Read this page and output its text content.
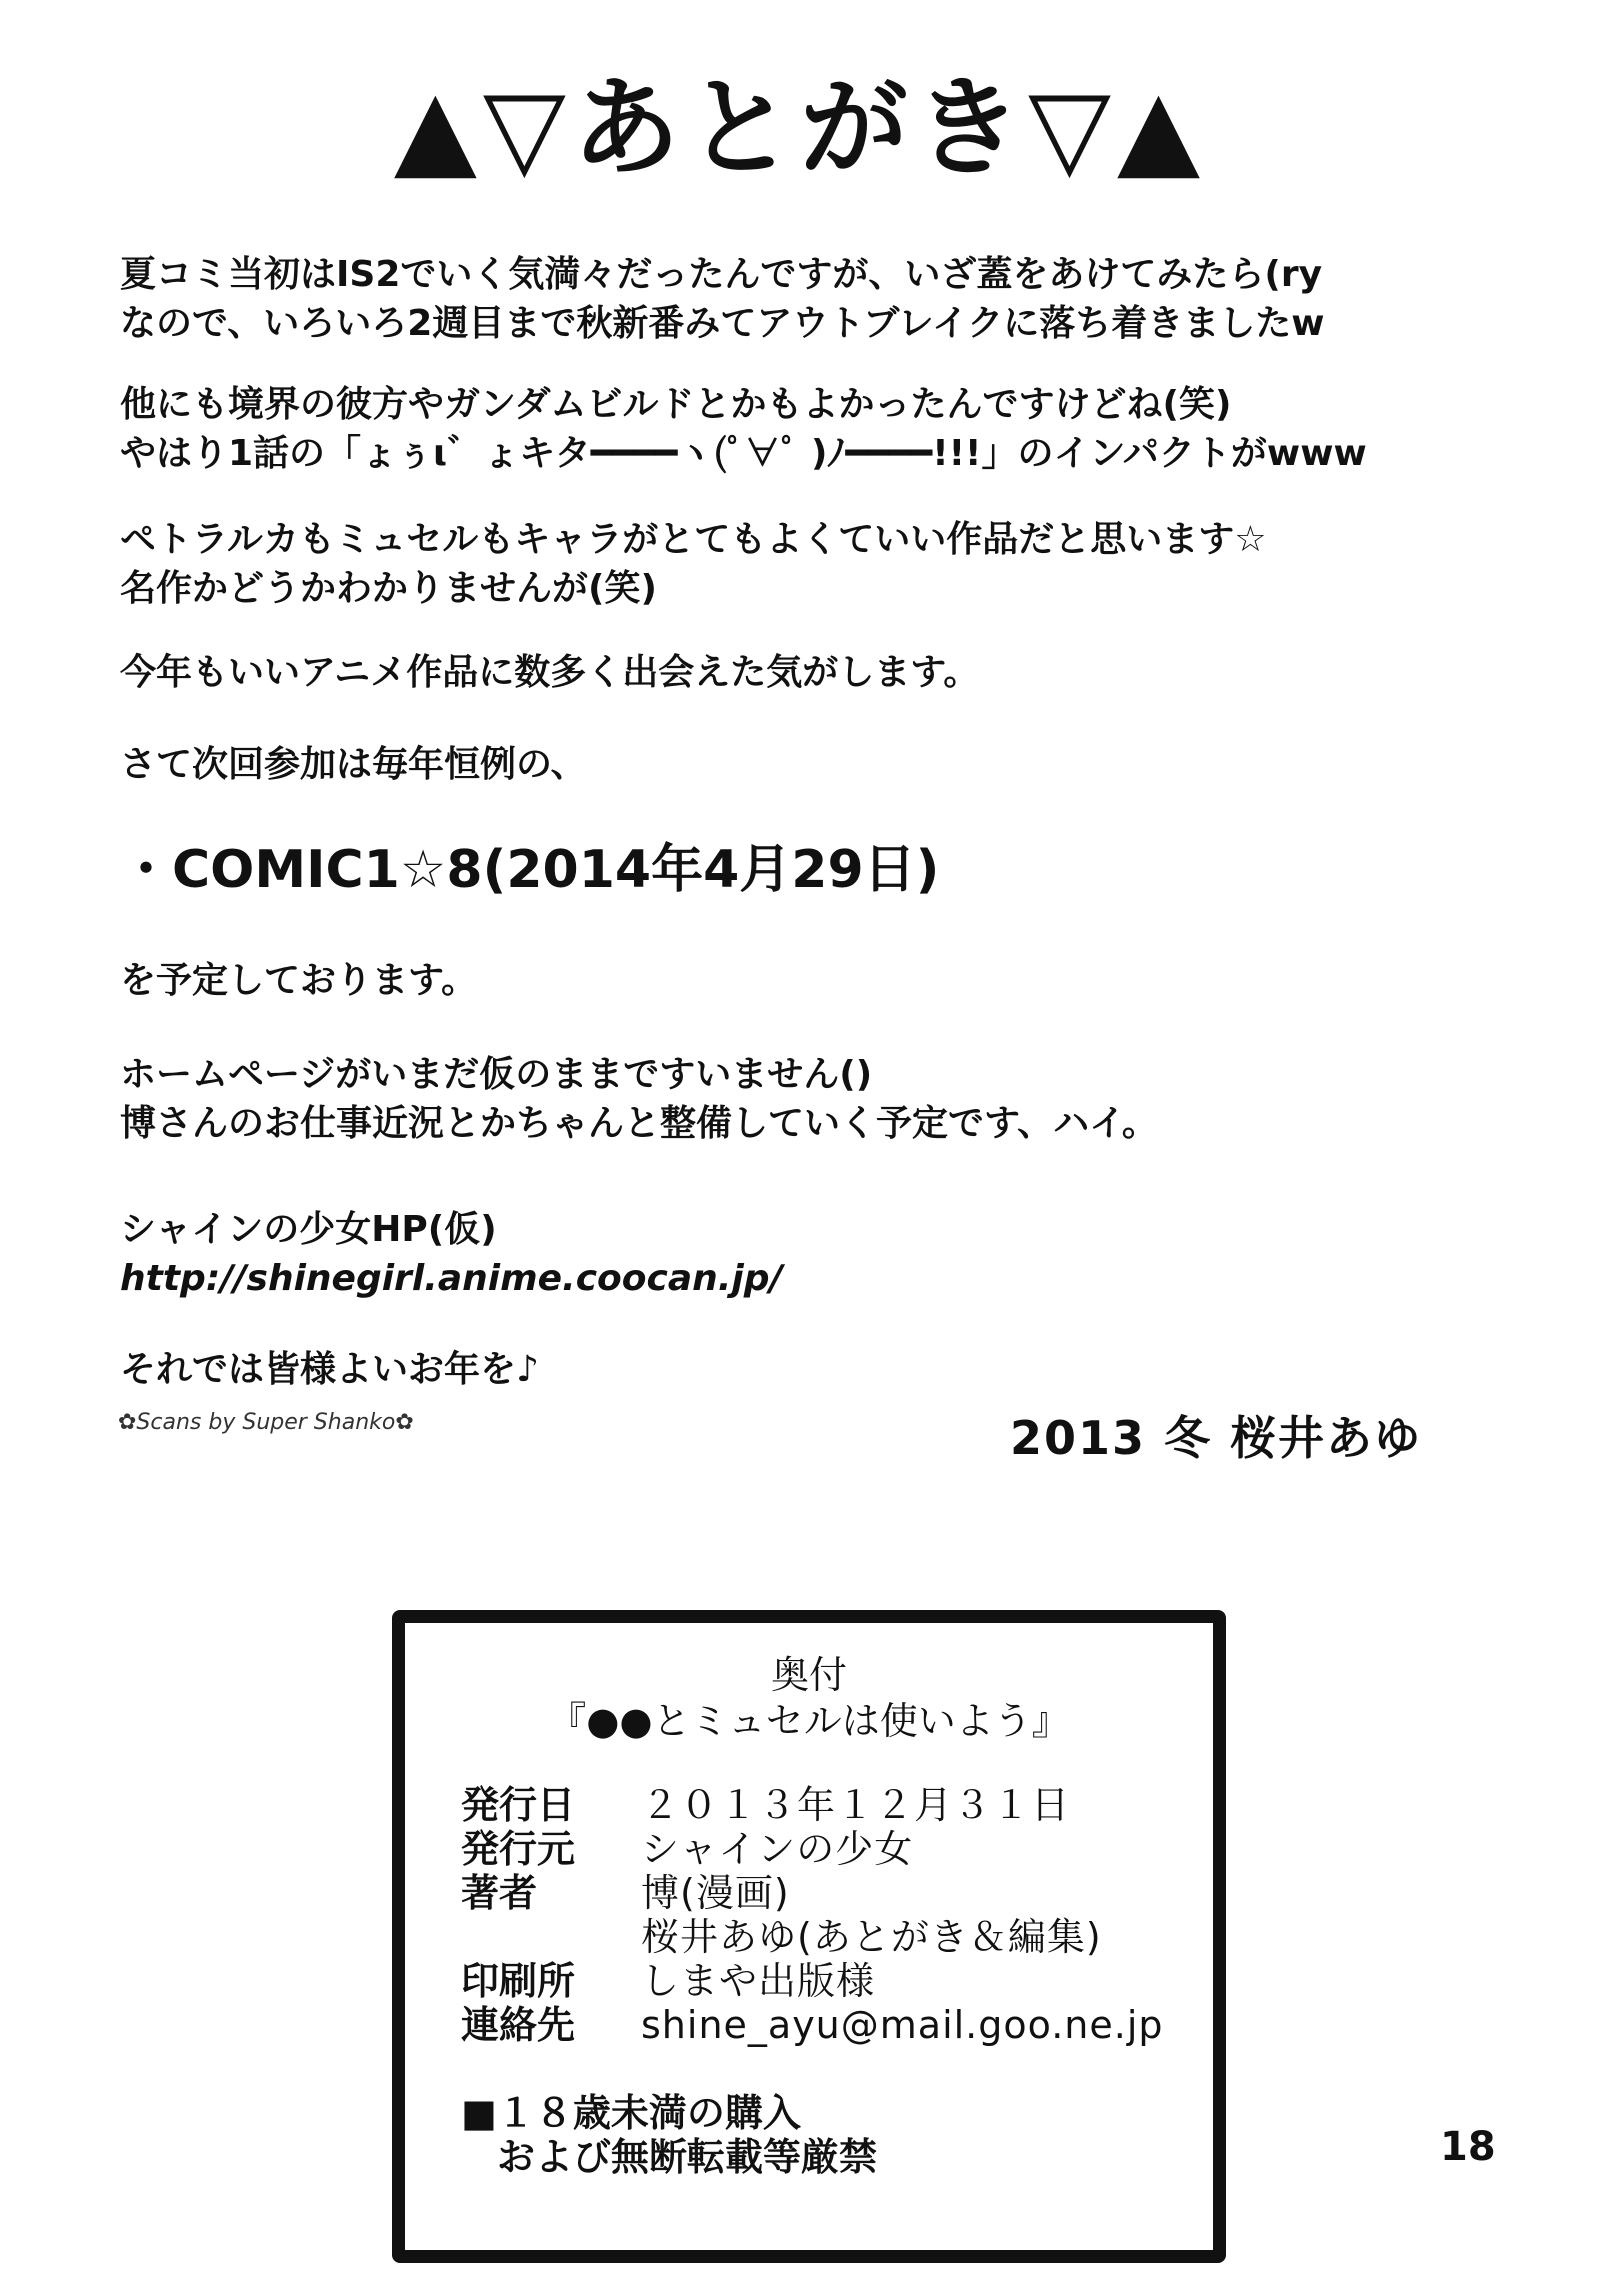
▲▽あとがき▽▲
夏コミ当初はIS2でいく気満々だったんですが、いざ蓋をあけてみたら(ry
なので、いろいろ2週目まで秋新番みてアウトブレイクに落ち着きましたw
他にも境界の彼方やガンダムビルドとかもよかったんですけどね(笑)
やはり1話の「ょぅι゛ょキタ━━━━ヽ(ﾟ∀ﾟ )ﾉ━━━━!!!」のインパクトがwww
ペトラルカもミュセルもキャラがとてもよくていい作品だと思います☆
名作かどうかわかりませんが(笑)
今年もいいアニメ作品に数多く出会えた気がします。
さて次回参加は毎年恒例の、
・COMIC1☆8(2014年4月29日)
を予定しております。
ホームページがいまだ仮のままですいません()
博さんのお仕事近況とかちゃんと整備していく予定です、ハイ。
シャインの少女HP(仮)
http://shinegirl.anime.coocan.jp/
それでは皆様よいお年を♪
✿Scans by Super Shanko✿	2013 冬 桜井あゆ
奥付
『●●とミュセルは使いよう』
発行日 ２０１３年１２月３１日
発行元 シャインの少女
著者	博(漫画)
桜井あゆ(あとがき＆編集)
印刷所 しまや出版様
連絡先 shine_ayu@mail.goo.ne.jp
■１８歳未満の購入
および無断転載等厳禁	18
